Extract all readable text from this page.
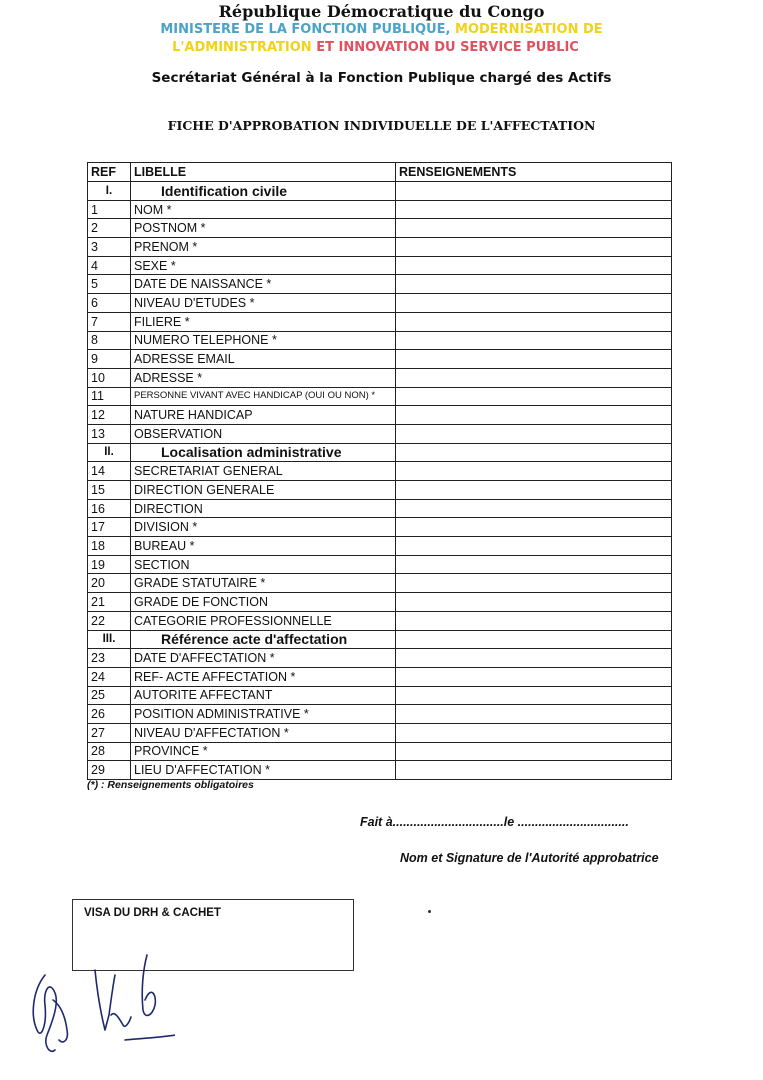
République Démocratique du Congo
MINISTERE DE LA FONCTION PUBLIQUE, MODERNISATION DE
L'ADMINISTRATION ET INNOVATION DU SERVICE PUBLIC
Secrétariat Général à la Fonction Publique chargé des Actifs
FICHE D'APPROBATION INDIVIDUELLE DE L'AFFECTATION
REF	LIBELLE	RENSEIGNEMENTS
I.	Identification civile	
1	NOM *	
2	POSTNOM *	
3	PRENOM *	
4	SEXE *	
5	DATE DE NAISSANCE *	
6	NIVEAU D'ETUDES *	
7	FILIERE *	
8	NUMERO TELEPHONE *	
9	ADRESSE EMAIL	
10	ADRESSE *	
11	PERSONNE VIVANT AVEC HANDICAP (OUI OU NON) *	
12	NATURE HANDICAP	
13	OBSERVATION	
II.	Localisation administrative	
14	SECRETARIAT GENERAL	
15	DIRECTION GENERALE	
16	DIRECTION	
17	DIVISION *	
18	BUREAU *	
19	SECTION	
20	GRADE STATUTAIRE *	
21	GRADE DE FONCTION	
22	CATEGORIE PROFESSIONNELLE	
III.	Référence acte d'affectation	
23	DATE D'AFFECTATION *	
24	REF- ACTE AFFECTATION *	
25	AUTORITE AFFECTANT	
26	POSITION ADMINISTRATIVE *	
27	NIVEAU D'AFFECTATION *	
28	PROVINCE *	
29	LIEU D'AFFECTATION *	
(*) : Renseignements obligatoires
Fait à................................le ................................
Nom et Signature de l'Autorité approbatrice
VISA DU DRH & CACHET
